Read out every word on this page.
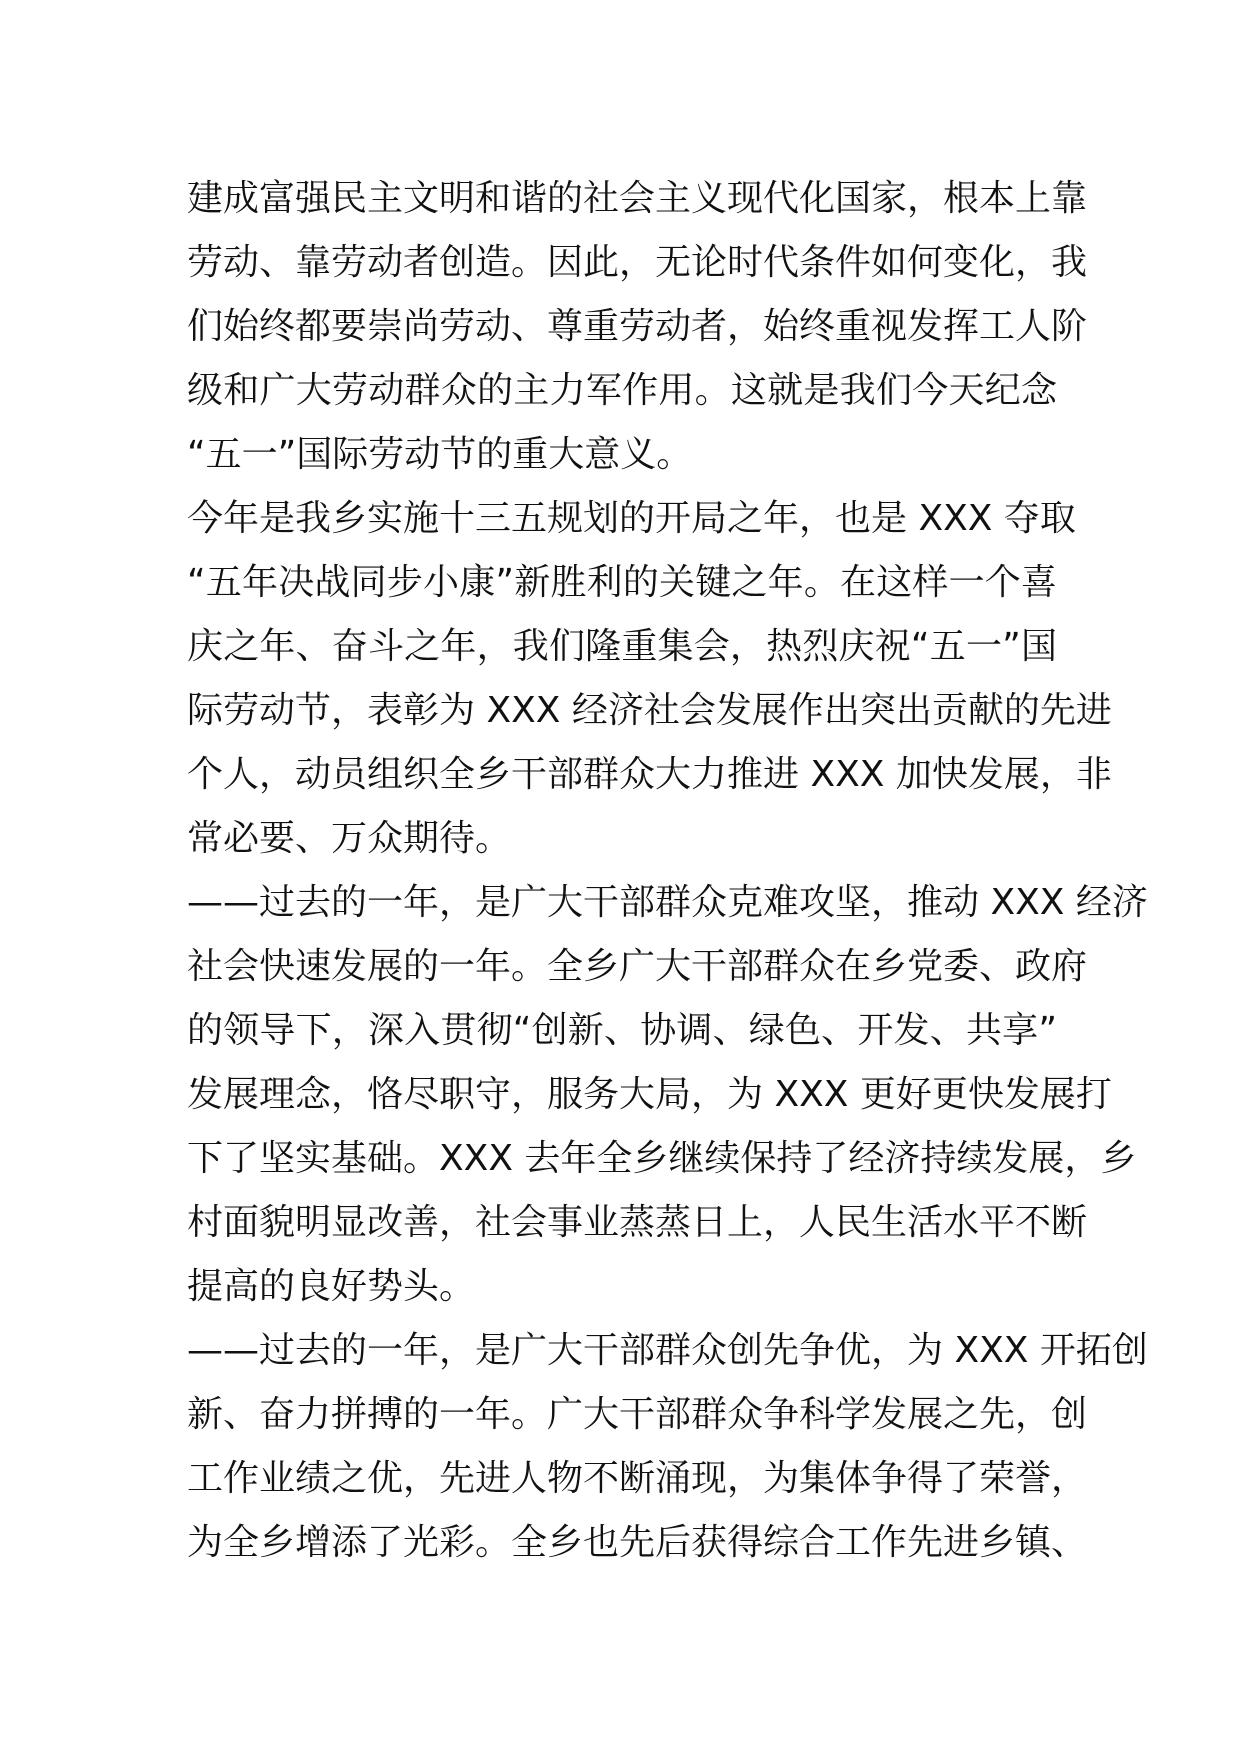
建成富强民主文明和谐的社会主义现代化国家，根本上靠
劳动、靠劳动者创造。因此，无论时代条件如何变化，我
们始终都要崇尚劳动、尊重劳动者，始终重视发挥工人阶
级和广大劳动群众的主力军作用。这就是我们今天纪念
“五一”国际劳动节的重大意义。
今年是我乡实施十三五规划的开局之年，也是 XXX 夺取
“五年决战同步小康”新胜利的关键之年。在这样一个喜
庆之年、奋斗之年，我们隆重集会，热烈庆祝“五一”国
际劳动节，表彰为 XXX 经济社会发展作出突出贡献的先进
个人，动员组织全乡干部群众大力推进 XXX 加快发展，非
常必要、万众期待。
——过去的一年，是广大干部群众克难攻坚，推动 XXX 经济
社会快速发展的一年。全乡广大干部群众在乡党委、政府
的领导下，深入贯彻“创新、协调、绿色、开发、共享”
发展理念，恪尽职守，服务大局，为 XXX 更好更快发展打
下了坚实基础。XXX 去年全乡继续保持了经济持续发展，乡
村面貌明显改善，社会事业蒸蒸日上，人民生活水平不断
提高的良好势头。
——过去的一年，是广大干部群众创先争优，为 XXX 开拓创
新、奋力拼搏的一年。广大干部群众争科学发展之先，创
工作业绩之优，先进人物不断涌现，为集体争得了荣誉，
为全乡增添了光彩。全乡也先后获得综合工作先进乡镇、
